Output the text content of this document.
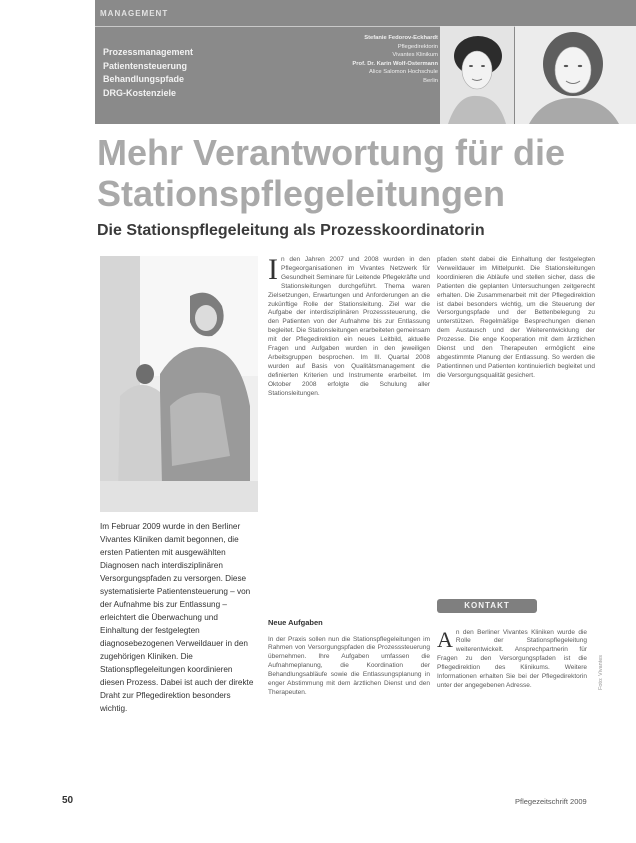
MANAGEMENT
Prozessmanagement
Patientensteuerung
Behandlungspfade
DRG-Kostenziele
Stefanie Fedorov-Eckhardt
Pflegedirektorin
Vivantes Klinikum
Prof. Dr. Karin Wolf-Ostermann
Alice Salomon Hochschule
Berlin
Mehr Verantwortung für die Stationspflegeleitungen
Die Stationspflegeleitung als Prozesskoordinatorin
Im Februar 2009 wurde in den Berliner Vivantes Kliniken damit begonnen, die ersten Patienten mit ausgewählten Diagnosen nach interdisziplinären Versorgungspfaden zu versorgen. Diese systematisierte Patientensteuerung – von der Aufnahme bis zur Entlassung – erleichtert die Überwachung und Einhaltung der festgelegten diagnosebezogenen Verweildauer in den zugehörigen Kliniken. Die Stationspflegeleitungen koordinieren diesen Prozess. Dabei ist auch der direkte Draht zur Pflegedirektion besonders wichtig.

In den Jahren 2007 und 2008 wurden in den Pflegeorganisationen im Vivantes Netzwerk für Gesundheit Seminare für Leitende Pflegekräfte und Stationsleitungen durchgeführt. Thema waren Zielsetzungen, Erwartungen und Anforderungen an die zukünftige Rolle der Stationsleitung. Ziel war die Aufgabe der interdisziplinären Prozesssteuerung, die den Patienten von der Aufnahme bis zur Entlassung begleitet. Die Stationsleitungen erarbeiteten gemeinsam mit der Pflegedirektion ein neues Leitbild, aktuelle Fragen und Aufgaben wurden in den jeweiligen Arbeitsgruppen besprochen. Im III. Quartal 2008 wurden auf Basis von Qualitätsmanagement die definierten Kriterien und Instrumente erarbeitet. Im Oktober 2008 erfolgte die Schulung aller Stationsleitungen.

Neue Aufgaben

In der Praxis sollen nun die Stationspflegeleitungen im Rahmen von Versorgungspfaden die Prozesssteuerung übernehmen. Ihre Aufgaben umfassen die Aufnahmeplanung, die Koordination der Behandlungsabläufe sowie die Entlassungsplanung in enger Abstimmung mit dem ärztlichen Dienst und den Therapeuten.

pfaden steht dabei die Einhaltung der festgelegten Verweildauer im Mittelpunkt. Die Stationsleitungen koordinieren die Abläufe und stellen sicher, dass die Patienten die geplanten Untersuchungen zeitgerecht erhalten. Die Zusammenarbeit mit der Pflegedirektion ist dabei besonders wichtig, um die Steuerung der Versorgungspfade und der Bettenbelegung zu unterstützen. Regelmäßige Besprechungen dienen dem Austausch und der Weiterentwicklung der Prozesse. Die enge Kooperation mit dem ärztlichen Dienst und den Therapeuten ermöglicht eine abgestimmte Planung der Entlassung. So werden die Patientinnen und Patienten kontinuierlich begleitet und die Versorgungsqualität gesichert.

KONTAKT

An den Berliner Vivantes Kliniken wurde die Rolle der Stationspflegeleitung weiterentwickelt. Ansprechpartnerin für Fragen zu den Versorgungspfaden ist die Pflegedirektion des Klinikums. Weitere Informationen erhalten Sie bei der Pflegedirektorin unter der angegebenen Adresse.

50	Pflegezeitschrift 2009
Foto: Vivantes
